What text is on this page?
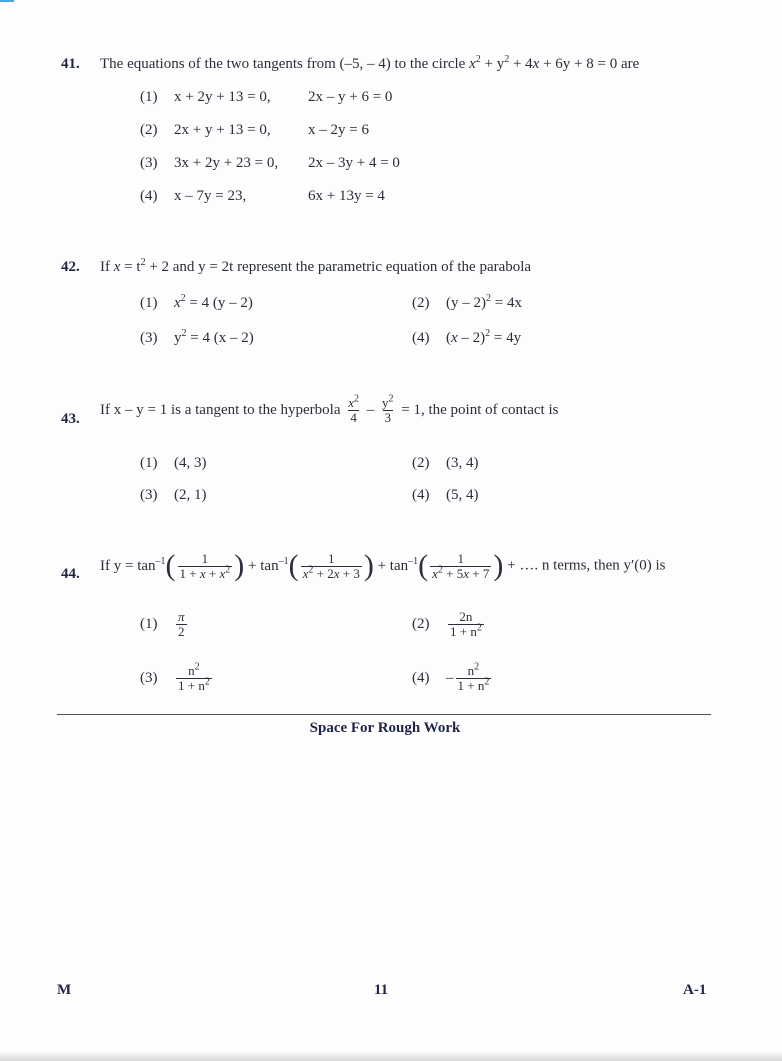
41. The equations of the two tangents from (–5, – 4) to the circle $x^2 + y^2 + 4x + 6y + 8 = 0$ are
(1) x + 2y + 13 = 0, 2x – y + 6 = 0
(2) 2x + y + 13 = 0, x – 2y = 6
(3) 3x + 2y + 23 = 0, 2x – 3y + 4 = 0
(4) x – 7y = 23,	6x + 13y = 4
42. If $x = t^2 + 2$ and y = 2t represent the parametric equation of the parabola
(1) $x^2 = 4$ (y – 2)	(2) (y – 2)$^2$ = 4x
(3) $y^2 = 4$ (x – 2)	(4) (x – 2)$^2$ = 4y
43.
If x – y = 1 is a tangent to the hyperbola $\frac{x^2}{4} - \frac{y^2}{3} = 1$, the point of contact is
(1) (4, 3)	(2) (3, 4)
(3) (2, 1)	(4) (5, 4)
44.
If $y = \tan^{-1}( \frac{1}{1 + x + x^2}$ ) + $\tan^{-1}( \frac{1}{x^2 + 2x + 3}$ ) + $\tan^{-1}( \frac{1}{x^2 + 5x + 7}$ ) + …. n terms, then y′(0) is
$(1) \frac{\pi}{2}$	$(2) \frac{2n}{1 + n^2}$
$(3) \frac{n^2}{1 + n^2}$	$(4) - \frac{n^2}{1 + n^2}$
Space For Rough Work
M	11	A-1
